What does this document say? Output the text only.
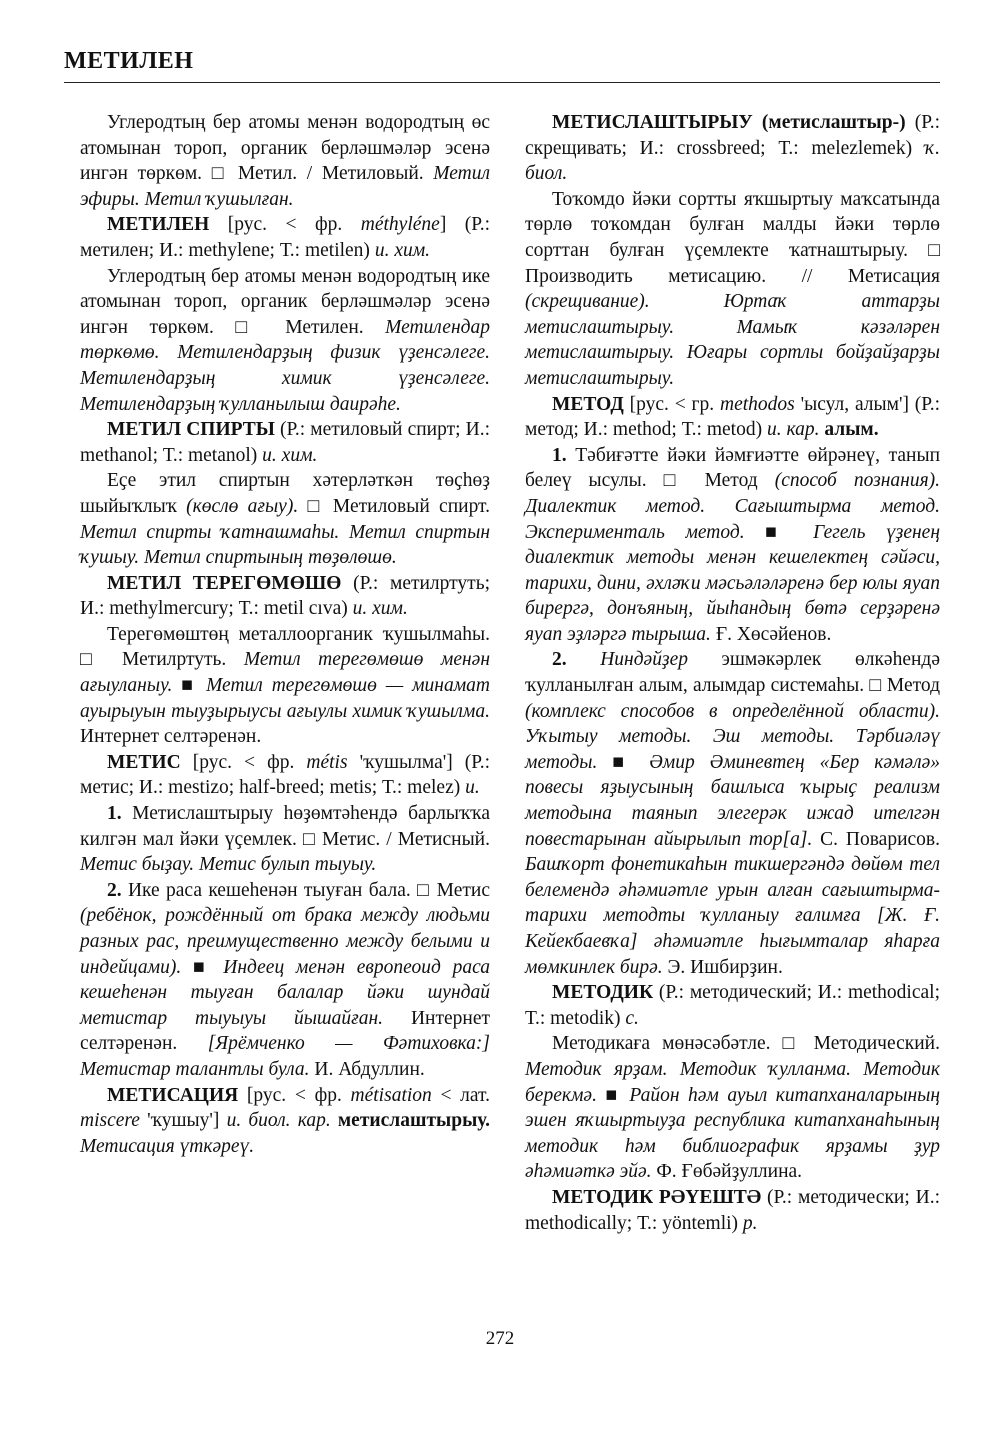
МЕТИЛЕН

Углеродтың бер атомы менән водородтың өс атомынан тороп, органик берләшмәләр эсенә ингән төркөм. □ Метил. / Метиловый. Метил эфиры. Метил ҡушылған.

МЕТИЛЕН [рус. < фр. méthyléne] (Р.: метилен; И.: methylene; Т.: metilen) и. хим.

Углеродтың бер атомы менән водородтың ике атомынан тороп, органик берләшмәләр эсенә ингән төркөм. □ Метилен. Метилендар төркөмө. Метилендарҙың физик үҙенсәлеге. Метилендарҙың химик үҙенсәлеге. Метилендарҙың ҡулланылыш даирәһе.

МЕТИЛ СПИРТЫ (Р.: метиловый спирт; И.: methanol; Т.: metanol) и. хим.

Еҫе этил спиртын хәтерләткән төҫһөҙ шыйыҡлыҡ (көслө ағыу). □ Метиловый спирт. Метил спирты ҡатнашмаһы. Метил спиртын ҡушыу. Метил спиртының төҙөлөшө.

МЕТИЛ ТЕРЕГӨМӨШӨ (Р.: метилртуть; И.: methylmercury; Т.: metil cıva) и. хим.

Терегөмөштөң металлоорганик ҡушылмаһы. □ Метилртуть. Метил терегөмөшө менән ағыуланыу. ■ Метил терегөмөшө — минамат ауырыуын тыуҙырыусы ағыулы химик ҡушылма. Интернет селтәренән.

МЕТИС [рус. < фр. métis 'ҡушылма'] (Р.: метис; И.: mestizo; half-breed; metis; Т.: melez) и.

1. Метислаштырыу һөҙөмтәһендә барлыҡҡа килгән мал йәки үҫемлек. □ Метис. / Метисный. Метис быҙау. Метис булып тыуыу.

2. Ике раса кешеһенән тыуған бала. □ Метис (ребёнок, рождённый от брака между людьми разных рас, преимущественно между белыми и индейцами). ■ Индеец менән европеоид раса кешеһенән тыуған балалар йәки шундай метистар тыуыуы йышайған. Интернет селтәренән. [Ярёмченко — Фәтиховка:] Метистар талантлы була. И. Абдуллин.

МЕТИСАЦИЯ [рус. < фр. métisation < лат. miscere 'ҡушыу'] и. биол. кар. метислаштырыу. Метисация үткәреү.

МЕТИСЛАШТЫРЫУ (метислаштыр-) (Р.: скрещивать; И.: crossbreed; Т.: melezlemek) ҡ. биол.

Тоҡомдо йәки сортты яҡшыртыу маҡсатында төрлө тоҡомдан булған малды йәки төрлө сорттан булған үҫемлекте ҡатнаштырыу. □ Производить метисацию. // Метисация (скрещивание). Юртаҡ аттарҙы метислаштырыу. Мамыҡ кәзәләрен метислаштырыу. Юғары сортлы бойҙайҙарҙы метислаштырыу.

МЕТОД [рус. < гр. methodos 'ысул, алым'] (Р.: метод; И.: method; Т.: metod) и. кар. алым.

1. Тәбиғәтте йәки йәмғиәтте өйрәнеү, танып белеү ысулы. □ Метод (способ познания). Диалектик метод. Сағыштырма метод. Эксперименталь метод. ■ Гегель үҙенең диалектик методы менән кешелектең сәйәси, тарихи, дини, әхләҡи мәсьәләләренә бер юлы яуап бирергә, донъяның, йыһандың бөтә серҙәренә яуап эҙләргә тырыша. Ғ. Хөсәйенов.

2. Ниндәйҙер эшмәкәрлек өлкәһендә ҡулланылған алым, алымдар системаһы. □ Метод (комплекс способов в определённой области). Уҡытыу методы. Эш методы. Тәрбиәләү методы. ■ Әмир Әминевтең «Бер кәмәлә» повесы яҙыусының башлыса ҡырыҫ реализм методына таянып элегерәк ижад ителгән повестарынан айырылып тор[а]. С. Поварисов. Башҡорт фонетикаһын тикшергәндә дөйөм тел белемендә әһәмиәтле урын алған сағыштырма-тарихи методты ҡулланыу ғалимға [Ж. Ғ. Кейекбаевҡа] әһәмиәтле һығымталар яһарға мөмкинлек бирә. Э. Ишбирҙин.

МЕТОДИК (Р.: методический; И.: methodical; Т.: metodik) с.

Методикаға мөнәсәбәтле. □ Методический. Методик ярҙам. Методик ҡулланма. Методик берекмә. ■ Район һәм ауыл китапханаларының эшен яҡшыртыуҙа республика китапханаһының методик һәм библиографик ярҙамы ҙур әһәмиәткә эйә. Ф. Ғөбәйҙуллина.

МЕТОДИК РӘҮЕШТӘ (Р.: методически; И.: methodically; Т.: yöntemli) р.

272
